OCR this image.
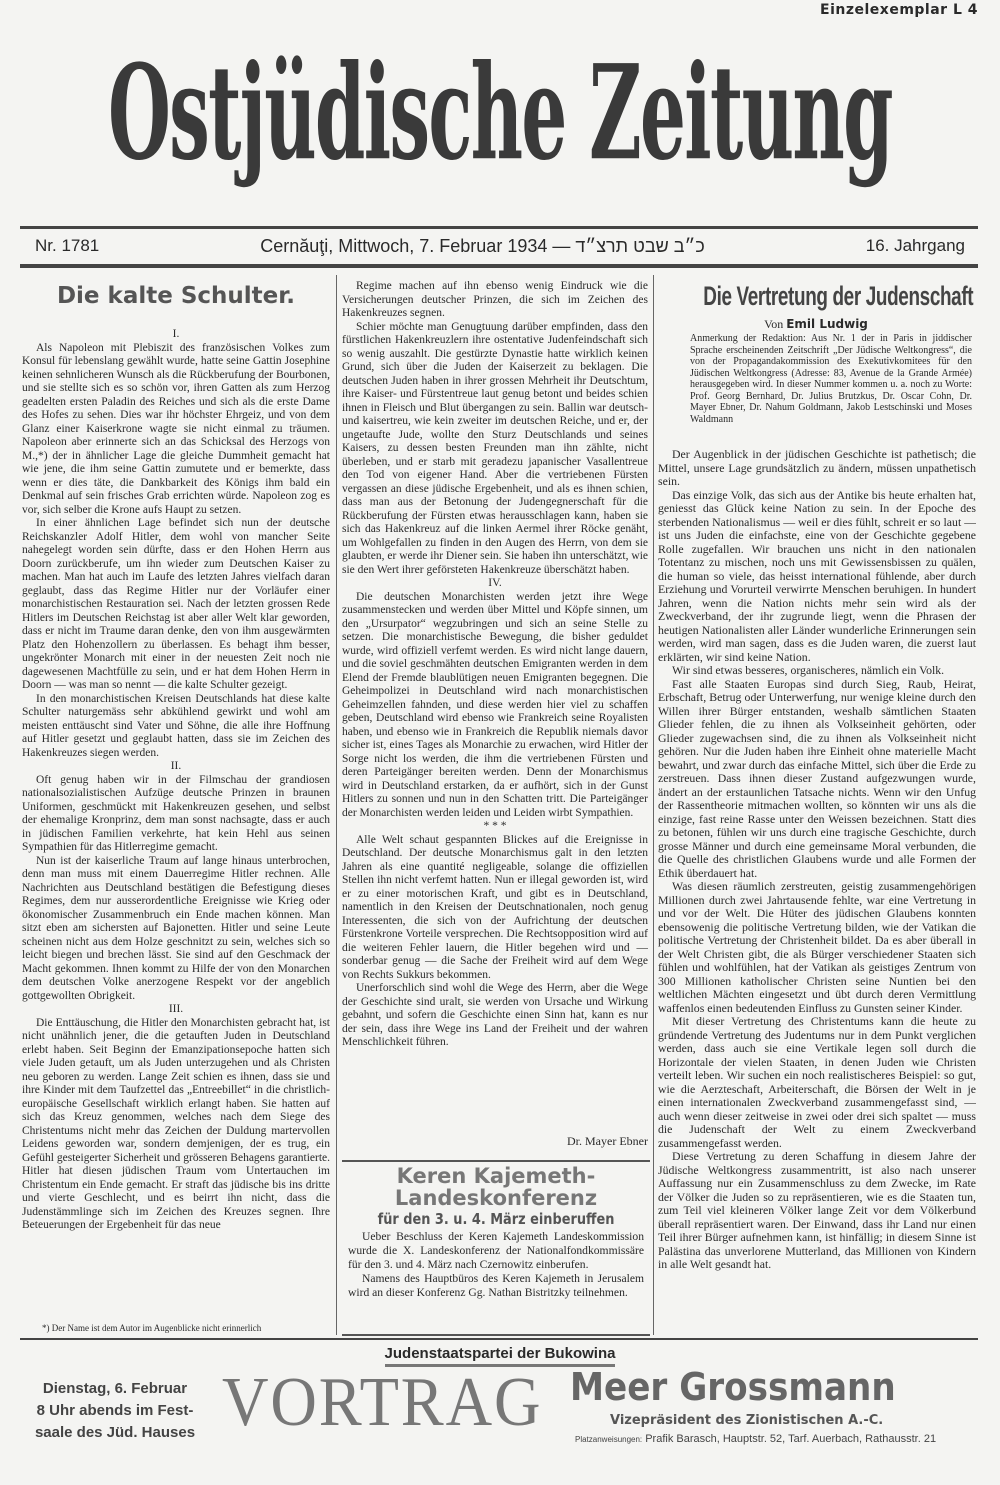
Einzelexemplar L 4
Ostjüdische Zeitung
Nr. 1781	Cernăuţi, Mittwoch, 7. Februar 1934 — כ״ב שבט תרצ״ד	16. Jahrgang
Die kalte Schulter.

I.

Als Napoleon mit Plebiszit des französischen Volkes zum Konsul für lebenslang gewählt wurde, hatte seine Gattin Josephine keinen sehnlicheren Wunsch als die Rückberufung der Bourbonen, und sie stellte sich es so schön vor, ihren Gatten als zum Herzog geadelten ersten Paladin des Reiches und sich als die erste Dame des Hofes zu sehen. Dies war ihr höchster Ehrgeiz, und von dem Glanz einer Kaiserkrone wagte sie nicht einmal zu träumen. Napoleon aber erinnerte sich an das Schicksal des Herzogs von M.,*) der in ähnlicher Lage die gleiche Dummheit gemacht hat wie jene, die ihm seine Gattin zumutete und er bemerkte, dass wenn er dies täte, die Dankbarkeit des Königs ihm bald ein Denkmal auf sein frisches Grab errichten würde. Napoleon zog es vor, sich selber die Krone aufs Haupt zu setzen.

In einer ähnlichen Lage befindet sich nun der deutsche Reichskanzler Adolf Hitler, dem wohl von mancher Seite nahegelegt worden sein dürfte, dass er den Hohen Herrn aus Doorn zurückberufe, um ihn wieder zum Deutschen Kaiser zu machen. Man hat auch im Laufe des letzten Jahres vielfach daran geglaubt, dass das Regime Hitler nur der Vorläufer einer monarchistischen Restauration sei. Nach der letzten grossen Rede Hitlers im Deutschen Reichstag ist aber aller Welt klar geworden, dass er nicht im Traume daran denke, den von ihm ausgewärmten Platz den Hohenzollern zu überlassen. Es behagt ihm besser, ungekrönter Monarch mit einer in der neuesten Zeit noch nie dagewesenen Machtfülle zu sein, und er hat dem Hohen Herrn in Doorn — was man so nennt — die kalte Schulter gezeigt.

In den monarchistischen Kreisen Deutschlands hat diese kalte Schulter naturgemäss sehr abkühlend gewirkt und wohl am meisten enttäuscht sind Vater und Söhne, die alle ihre Hoffnung auf Hitler gesetzt und geglaubt hatten, dass sie im Zeichen des Hakenkreuzes siegen werden.

II.

Oft genug haben wir in der Filmschau der grandiosen nationalsozialistischen Aufzüge deutsche Prinzen in braunen Uniformen, geschmückt mit Hakenkreuzen gesehen, und selbst der ehemalige Kronprinz, dem man sonst nachsagte, dass er auch in jüdischen Familien verkehrte, hat kein Hehl aus seinen Sympathien für das Hitlerregime gemacht.

Nun ist der kaiserliche Traum auf lange hinaus unterbrochen, denn man muss mit einem Dauerregime Hitler rechnen. Alle Nachrichten aus Deutschland bestätigen die Befestigung dieses Regimes, dem nur ausserordentliche Ereignisse wie Krieg oder ökonomischer Zusammenbruch ein Ende machen können. Man sitzt eben am sichersten auf Bajonetten. Hitler und seine Leute scheinen nicht aus dem Holze geschnitzt zu sein, welches sich so leicht biegen und brechen lässt. Sie sind auf den Geschmack der Macht gekommen. Ihnen kommt zu Hilfe der von den Monarchen dem deutschen Volke anerzogene Respekt vor der angeblich gottgewollten Obrigkeit.

III.

Die Enttäuschung, die Hitler den Monarchisten gebracht hat, ist nicht unähnlich jener, die die getauften Juden in Deutschland erlebt haben. Seit Beginn der Emanzipationsepoche hatten sich viele Juden getauft, um als Juden unterzugehen und als Christen neu geboren zu werden. Lange Zeit schien es ihnen, dass sie und ihre Kinder mit dem Taufzettel das „Entreebillet“ in die christlich-europäische Gesellschaft wirklich erlangt haben. Sie hatten auf sich das Kreuz genommen, welches nach dem Siege des Christentums nicht mehr das Zeichen der Duldung martervollen Leidens geworden war, sondern demjenigen, der es trug, ein Gefühl gesteigerter Sicherheit und grösseren Behagens garantierte. Hitler hat diesen jüdischen Traum vom Untertauchen im Christentum ein Ende gemacht. Er straft das jüdische bis ins dritte und vierte Geschlecht, und es beirrt ihn nicht, dass die Judenstämmlinge sich im Zeichen des Kreuzes segnen. Ihre Beteuerungen der Ergebenheit für das neue

*) Der Name ist dem Autor im Augenblicke nicht erinnerlich

Regime machen auf ihn ebenso wenig Eindruck wie die Versicherungen deutscher Prinzen, die sich im Zeichen des Hakenkreuzes segnen.

Schier möchte man Genugtuung darüber empfinden, dass den fürstlichen Hakenkreuzlern ihre ostentative Judenfeindschaft sich so wenig auszahlt. Die gestürzte Dynastie hatte wirklich keinen Grund, sich über die Juden der Kaiserzeit zu beklagen. Die deutschen Juden haben in ihrer grossen Mehrheit ihr Deutschtum, ihre Kaiser- und Fürstentreue laut genug betont und beides schien ihnen in Fleisch und Blut übergangen zu sein. Ballin war deutsch- und kaisertreu, wie kein zweiter im deutschen Reiche, und er, der ungetaufte Jude, wollte den Sturz Deutschlands und seines Kaisers, zu dessen besten Freunden man ihn zählte, nicht überleben, und er starb mit geradezu japanischer Vasallentreue den Tod von eigener Hand. Aber die vertriebenen Fürsten vergassen an diese jüdische Ergebenheit, und als es ihnen schien, dass man aus der Betonung der Judengegnerschaft für die Rückberufung der Fürsten etwas herausschlagen kann, haben sie sich das Hakenkreuz auf die linken Aermel ihrer Röcke genäht, um Wohlgefallen zu finden in den Augen des Herrn, von dem sie glaubten, er werde ihr Diener sein. Sie haben ihn unterschätzt, wie sie den Wert ihrer geförsteten Hakenkreuze überschätzt haben.

IV.

Die deutschen Monarchisten werden jetzt ihre Wege zusammenstecken und werden über Mittel und Köpfe sinnen, um den „Ursurpator“ wegzubringen und sich an seine Stelle zu setzen. Die monarchistische Bewegung, die bisher geduldet wurde, wird offiziell verfemt werden. Es wird nicht lange dauern, und die soviel geschmähten deutschen Emigranten werden in dem Elend der Fremde blaublütigen neuen Emigranten begegnen. Die Geheimpolizei in Deutschland wird nach monarchistischen Geheimzellen fahnden, und diese werden hier viel zu schaffen geben, Deutschland wird ebenso wie Frankreich seine Royalisten haben, und ebenso wie in Frankreich die Republik niemals davor sicher ist, eines Tages als Monarchie zu erwachen, wird Hitler der Sorge nicht los werden, die ihm die vertriebenen Fürsten und deren Parteigänger bereiten werden. Denn der Monarchismus wird in Deutschland erstarken, da er aufhört, sich in der Gunst Hitlers zu sonnen und nun in den Schatten tritt. Die Parteigänger der Monarchisten werden leiden und Leiden wirbt Sympathien.

* * *

Alle Welt schaut gespannten Blickes auf die Ereignisse in Deutschland. Der deutsche Monarchismus galt in den letzten Jahren als eine quantité negligeable, solange die offiziellen Stellen ihn nicht verfemt hatten. Nun er illegal geworden ist, wird er zu einer motorischen Kraft, und gibt es in Deutschland, namentlich in den Kreisen der Deutschnationalen, noch genug Interessenten, die sich von der Aufrichtung der deutschen Fürstenkrone Vorteile versprechen. Die Rechtsopposition wird auf die weiteren Fehler lauern, die Hitler begehen wird und — sonderbar genug — die Sache der Freiheit wird auf dem Wege von Rechts Sukkurs bekommen.

Unerforschlich sind wohl die Wege des Herrn, aber die Wege der Geschichte sind uralt, sie werden von Ursache und Wirkung gebahnt, und sofern die Geschichte einen Sinn hat, kann es nur der sein, dass ihre Wege ins Land der Freiheit und der wahren Menschlichkeit führen.

Dr. Mayer Ebner
Keren Kajemeth-Landeskonferenz
für den 3. u. 4. März einberuffen

Ueber Beschluss der Keren Kajemeth Landeskommission wurde die X. Landeskonferenz der Nationalfondkommissäre für den 3. und 4. März nach Czernowitz einberufen.

Namens des Hauptbüros des Keren Kajemeth in Jerusalem wird an dieser Konferenz Gg. Nathan Bistritzky teilnehmen.

Die Vertretung der Judenschaft
Von Emil Ludwig
Anmerkung der Redaktion: Aus Nr. 1 der in Paris in jiddischer Sprache erscheinenden Zeitschrift „Der Jüdische Weltkongress“, die von der Propagandakommission des Exekutivkomitees für den Jüdischen Weltkongress (Adresse: 83, Avenue de la Grande Armée) herausgegeben wird. In dieser Nummer kommen u. a. noch zu Worte: Prof. Georg Bernhard, Dr. Julius Brutzkus, Dr. Oscar Cohn, Dr. Mayer Ebner, Dr. Nahum Goldmann, Jakob Lestschinski und Moses Waldmann

Der Augenblick in der jüdischen Geschichte ist pathetisch; die Mittel, unsere Lage grundsätzlich zu ändern, müssen unpathetisch sein.

Das einzige Volk, das sich aus der Antike bis heute erhalten hat, geniesst das Glück keine Nation zu sein. In der Epoche des sterbenden Nationalismus — weil er dies fühlt, schreit er so laut — ist uns Juden die einfachste, eine von der Geschichte gegebene Rolle zugefallen. Wir brauchen uns nicht in den nationalen Totentanz zu mischen, noch uns mit Gewissensbissen zu quälen, die human so viele, das heisst international fühlende, aber durch Erziehung und Vorurteil verwirrte Menschen beruhigen. In hundert Jahren, wenn die Nation nichts mehr sein wird als der Zweckverband, der ihr zugrunde liegt, wenn die Phrasen der heutigen Nationalisten aller Länder wunderliche Erinnerungen sein werden, wird man sagen, dass es die Juden waren, die zuerst laut erklärten, wir sind keine Nation.

Wir sind etwas besseres, organischeres, nämlich ein Volk.

Fast alle Staaten Europas sind durch Sieg, Raub, Heirat, Erbschaft, Betrug oder Unterwerfung, nur wenige kleine durch den Willen ihrer Bürger entstanden, weshalb sämtlichen Staaten Glieder fehlen, die zu ihnen als Volkseinheit gehörten, oder Glieder zugewachsen sind, die zu ihnen als Volkseinheit nicht gehören. Nur die Juden haben ihre Einheit ohne materielle Macht bewahrt, und zwar durch das einfache Mittel, sich über die Erde zu zerstreuen. Dass ihnen dieser Zustand aufgezwungen wurde, ändert an der erstaunlichen Tatsache nichts. Wenn wir den Unfug der Rassentheorie mitmachen wollten, so könnten wir uns als die einzige, fast reine Rasse unter den Weissen bezeichnen. Statt dies zu betonen, fühlen wir uns durch eine tragische Geschichte, durch grosse Männer und durch eine gemeinsame Moral verbunden, die die Quelle des christlichen Glaubens wurde und alle Formen der Ethik überdauert hat.

Was diesen räumlich zerstreuten, geistig zusammengehörigen Millionen durch zwei Jahrtausende fehlte, war eine Vertretung in und vor der Welt. Die Hüter des jüdischen Glaubens konnten ebensowenig die politische Vertretung bilden, wie der Vatikan die politische Vertretung der Christenheit bildet. Da es aber überall in der Welt Christen gibt, die als Bürger verschiedener Staaten sich fühlen und wohlfühlen, hat der Vatikan als geistiges Zentrum von 300 Millionen katholischer Christen seine Nuntien bei den weltlichen Mächten eingesetzt und übt durch deren Vermittlung waffenlos einen bedeutenden Einfluss zu Gunsten seiner Kinder.

Mit dieser Vertretung des Christentums kann die heute zu gründende Vertretung des Judentums nur in dem Punkt verglichen werden, dass auch sie eine Vertikale legen soll durch die Horizontale der vielen Staaten, in denen Juden wie Christen verteilt leben. Wir suchen ein noch realistischeres Beispiel: so gut, wie die Aerzteschaft, Arbeiterschaft, die Börsen der Welt in je einen internationalen Zweckverband zusammengefasst sind, — auch wenn dieser zeitweise in zwei oder drei sich spaltet — muss die Judenschaft der Welt zu einem Zweckverband zusammengefasst werden.

Diese Vertretung zu deren Schaffung in diesem Jahre der Jüdische Weltkongress zusammentritt, ist also nach unserer Auffassung nur ein Zusammenschluss zu dem Zwecke, im Rate der Völker die Juden so zu repräsentieren, wie es die Staaten tun, zum Teil viel kleineren Völker lange Zeit vor dem Völkerbund überall repräsentiert waren. Der Einwand, dass ihr Land nur einen Teil ihrer Bürger aufnehmen kann, ist hinfällig; in diesem Sinne ist Palästina das unverlorene Mutterland, das Millionen von Kindern in alle Welt gesandt hat.

Judenstaatspartei der Bukowina
Dienstag, 6. Februar
8 Uhr abends im Fest-
saale des Jüd. Hauses VORTRAG Meer Grossmann
Vizepräsident des Zionistischen A.-C.
Platzanweisungen: Prafik Barasch, Hauptstr. 52, Tarf. Auerbach, Rathausstr. 21
